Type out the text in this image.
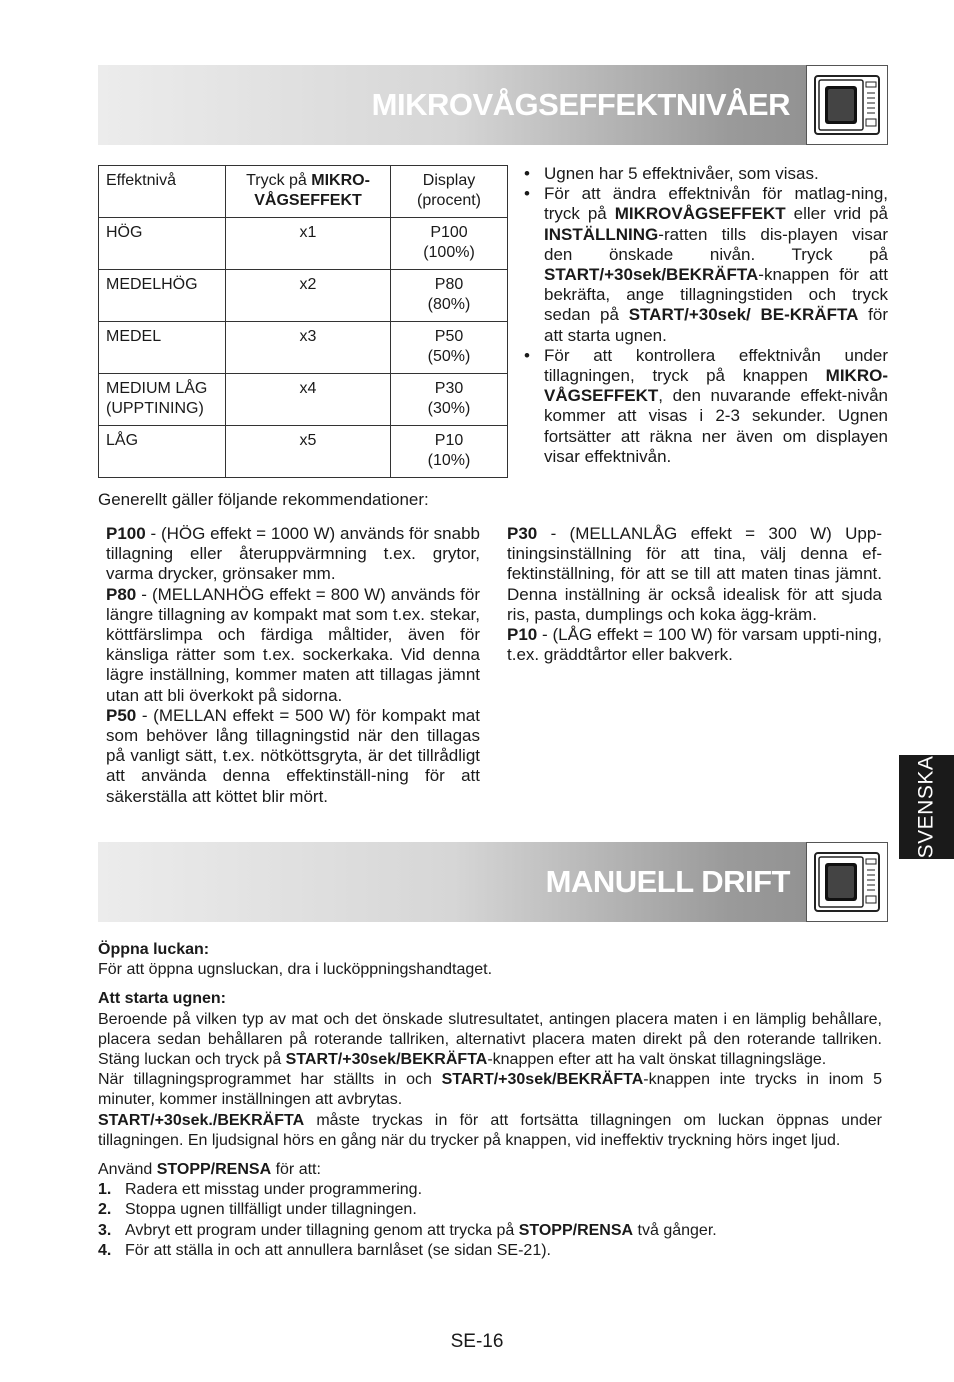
MIKROVÅGSEFFEKTNIVÅER
Effektnivå	Tryck på MIKRO-VÅGSEFFEKT	Display (procent)
HÖG	x1	P100
(100%)
MEDELHÖG	x2	P80
(80%)
MEDEL	x3	P50
(50%)
MEDIUM LÅG (UPPTINING)	x4	P30
(30%)
LÅG	x5	P10
(10%)
• Ugnen har 5 effektnivåer, som visas.
• För att ändra effektnivån för matlag-ning, tryck på MIKROVÅGSEFFEKT eller vrid på INSTÄLLNING-ratten tills dis-playen visar den önskade nivån. Tryck på START/+30sek/BEKRÄFTA-knappen för att bekräfta, ange tillagningstiden och tryck sedan på START/+30sek/ BE-KRÄFTA för att starta ugnen.
• För att kontrollera effektnivån under tillagningen, tryck på knappen MIKRO-VÅGSEFFEKT, den nuvarande effekt-nivån kommer att visas i 2-3 sekunder. Ugnen fortsätter att räkna ner även om displayen visar effektnivån.
Generellt gäller följande rekommendationer:

P100 - (HÖG effekt = 1000 W) används för snabb tillagning eller återuppvärmning t.ex. grytor, varma drycker, grönsaker mm.

P80 - (MELLANHÖG effekt = 800 W) används för längre tillagning av kompakt mat som t.ex. stekar, köttfärslimpa och färdiga måltider, även för känsliga rätter som t.ex. sockerkaka. Vid denna lägre inställning, kommer maten att tillagas jämnt utan att bli överkokt på sidorna.

P50 - (MELLAN effekt = 500 W) för kompakt mat som behöver lång tillagningstid när den tillagas på vanligt sätt, t.ex. nötköttsgryta, är det tillrådligt att använda denna effektinställ-ning för att säkerställa att köttet blir mört.

P30 - (MELLANLÅG effekt = 300 W) Upp-tiningsinställning för att tina, välj denna ef-fektinställning, för att se till att maten tinas jämnt. Denna inställning är också idealisk för att sjuda ris, pasta, dumplings och koka ägg-kräm.

P10 - (LÅG effekt = 100 W) för varsam uppti-ning, t.ex. gräddtårtor eller bakverk.

SVENSKA
MANUELL DRIFT

Öppna luckan:

För att öppna ugnsluckan, dra i lucköppningshandtaget.

Att starta ugnen:

Beroende på vilken typ av mat och det önskade slutresultatet, antingen placera maten i en lämplig behållare, placera sedan behållaren på roterande tallriken, alternativt placera maten direkt på den roterande tallriken. Stäng luckan och tryck på START/+30sek/BEKRÄFTA-knappen efter att ha valt önskat tillagningsläge.

När tillagningsprogrammet har ställts in och START/+30sek/BEKRÄFTA-knappen inte trycks in inom 5 minuter, kommer inställningen att avbrytas.

START/+30sek./BEKRÄFTA måste tryckas in för att fortsätta tillagningen om luckan öppnas under tillagningen. En ljudsignal hörs en gång när du trycker på knappen, vid ineffektiv tryckning hörs inget ljud.

Använd STOPP/RENSA för att:

1. Radera ett misstag under programmering.
2. Stoppa ugnen tillfälligt under tillagningen.
3. Avbryt ett program under tillagning genom att trycka på STOPP/RENSA två gånger.
4. För att ställa in och att annullera barnlåset (se sidan SE-21).
SE-16
